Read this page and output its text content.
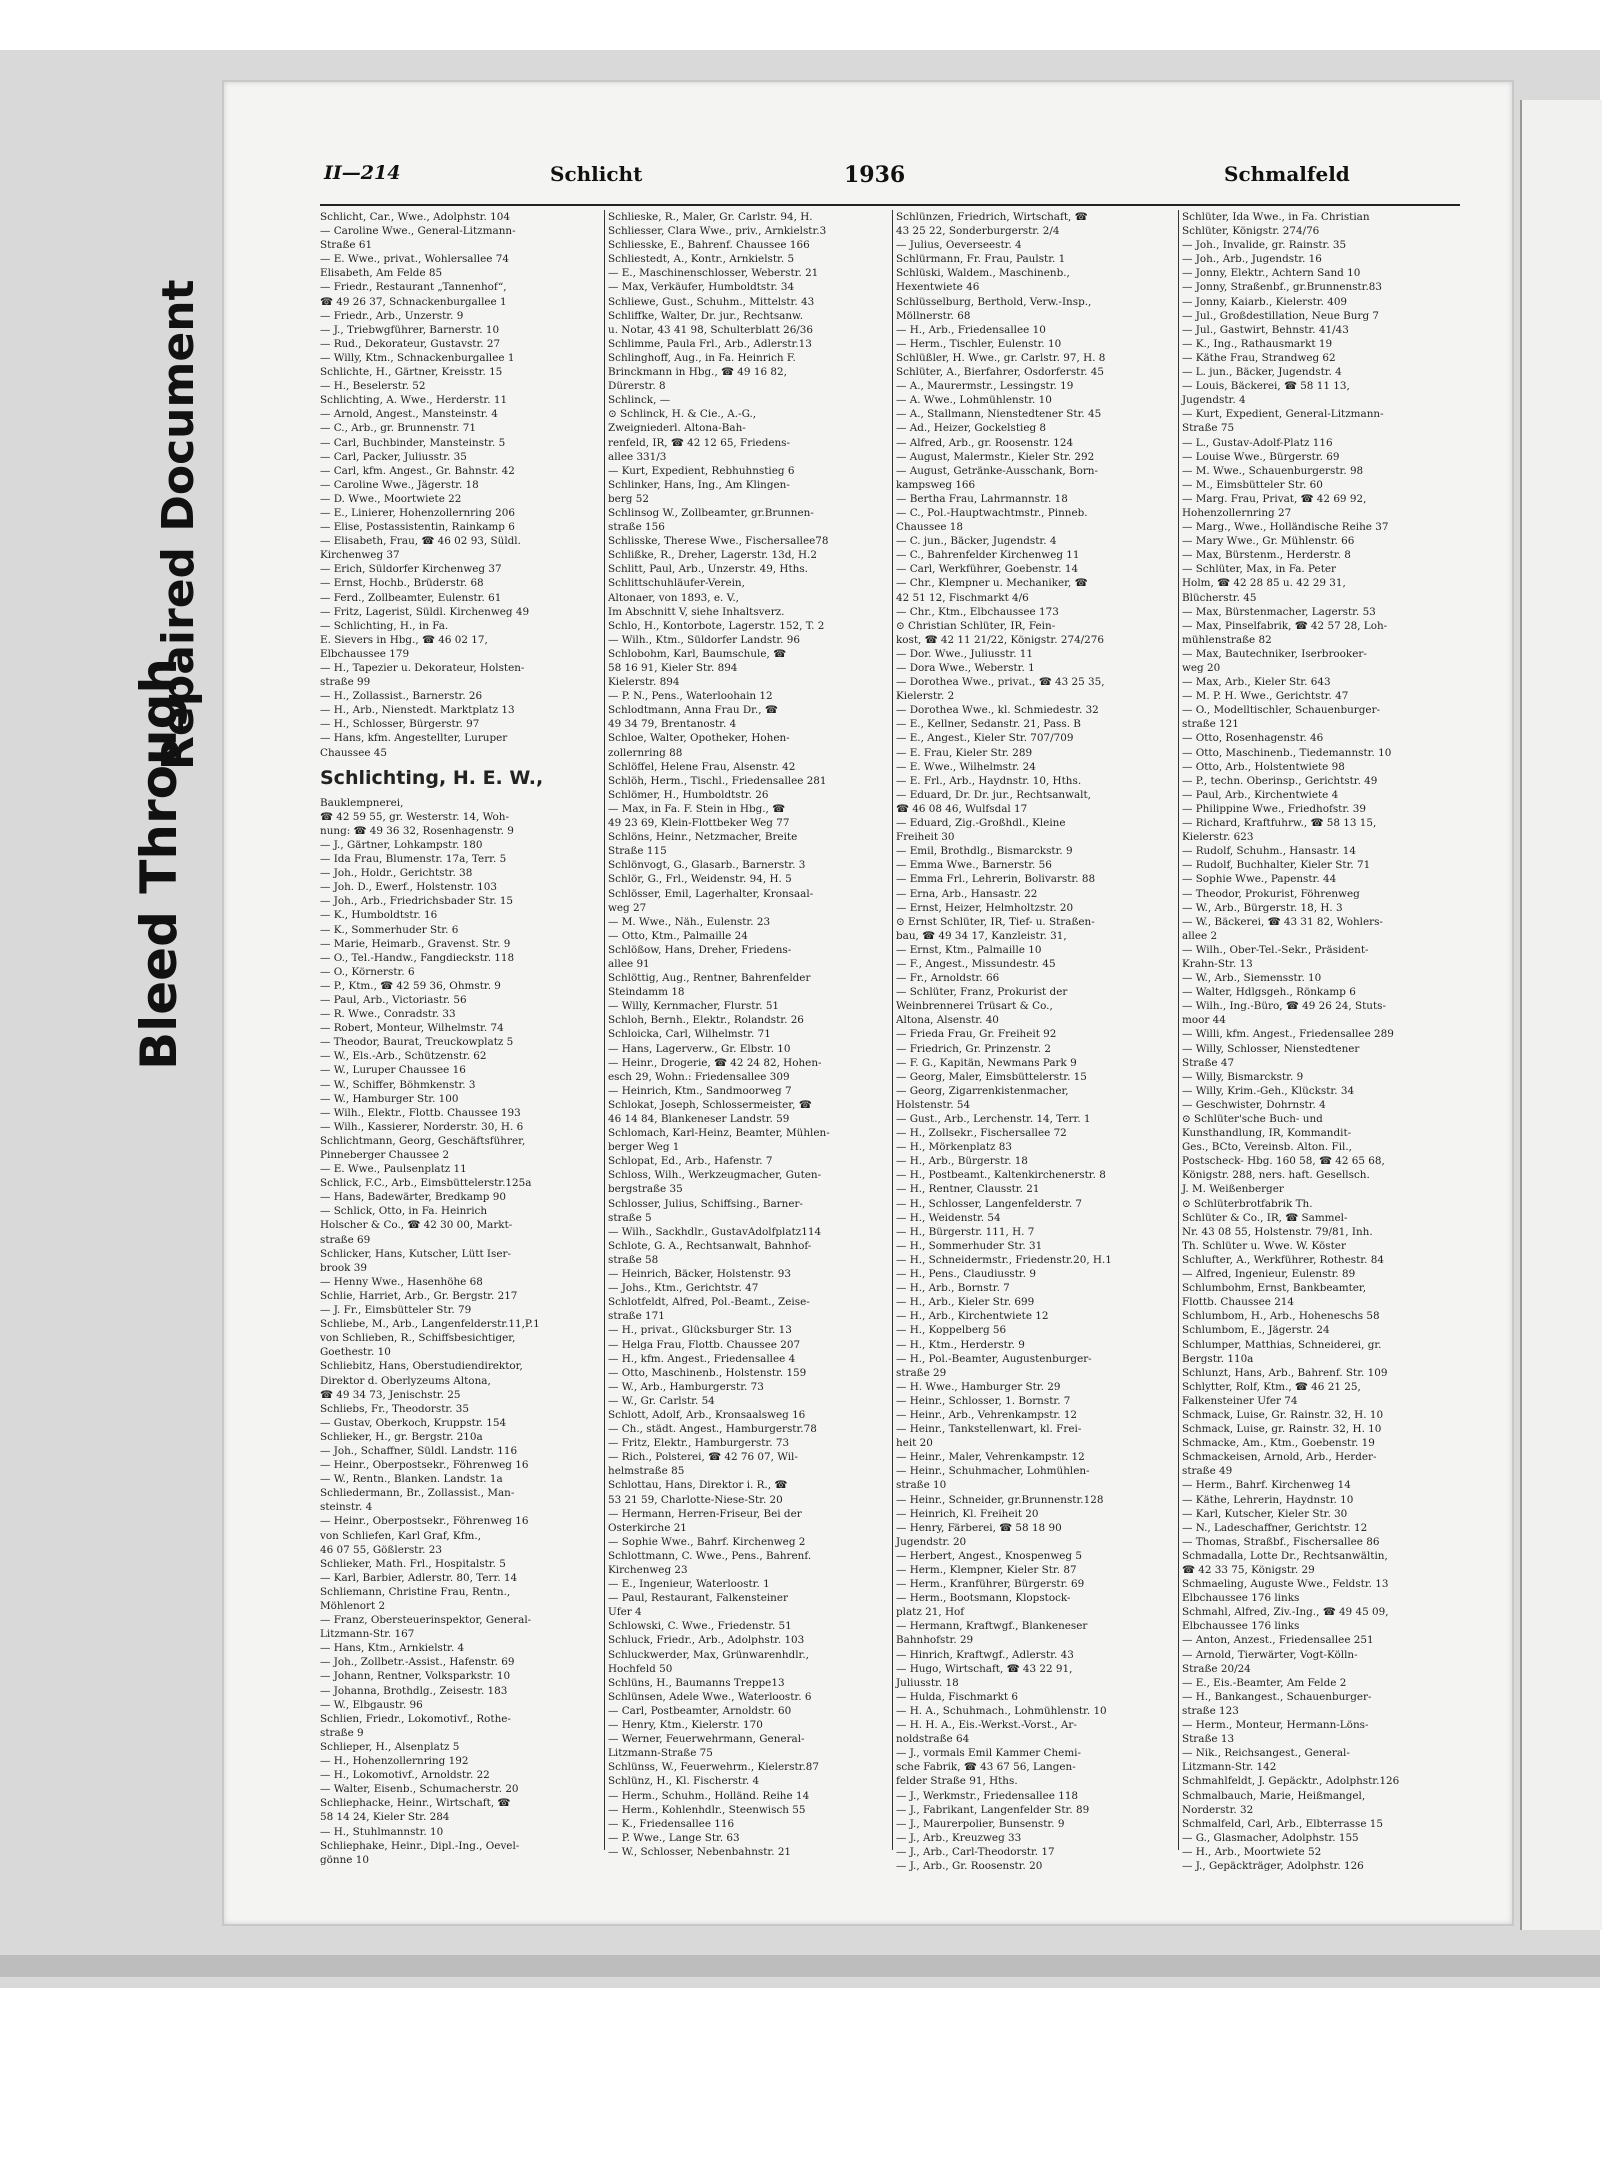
Bleed Through
Repaired Document
II—214	Schlicht	1936	Schmalfeld
Schlicht, Car., Wwe., Adolphstr. 104
— Caroline Wwe., General-Litzmann-
Straße 61
— E. Wwe., privat., Wohlersallee 74
Elisabeth, Am Felde 85
— Friedr., Restaurant „Tannenhof“,
☎ 49 26 37, Schnackenburgallee 1
— Friedr., Arb., Unzerstr. 9
— J., Triebwgführer, Barnerstr. 10
— Rud., Dekorateur, Gustavstr. 27
— Willy, Ktm., Schnackenburgallee 1
Schlichte, H., Gärtner, Kreisstr. 15
— H., Beselerstr. 52
Schlichting, A. Wwe., Herderstr. 11
— Arnold, Angest., Mansteinstr. 4
— C., Arb., gr. Brunnenstr. 71
— Carl, Buchbinder, Mansteinstr. 5
— Carl, Packer, Juliusstr. 35
— Carl, kfm. Angest., Gr. Bahnstr. 42
— Caroline Wwe., Jägerstr. 18
— D. Wwe., Moortwiete 22
— E., Linierer, Hohenzollernring 206
— Elise, Postassistentin, Rainkamp 6
— Elisabeth, Frau, ☎ 46 02 93, Süldl.
Kirchenweg 37
— Erich, Süldorfer Kirchenweg 37
— Ernst, Hochb., Brüderstr. 68
— Ferd., Zollbeamter, Eulenstr. 61
— Fritz, Lagerist, Süldl. Kirchenweg 49
— Schlichting, H., in Fa.
E. Sievers in Hbg., ☎ 46 02 17,
Elbchaussee 179
— H., Tapezier u. Dekorateur, Holsten-
straße 99
— H., Zollassist., Barnerstr. 26
— H., Arb., Nienstedt. Marktplatz 13
— H., Schlosser, Bürgerstr. 97
— Hans, kfm. Angestellter, Luruper
Chaussee 45
Schlichting, H. E. W.,
Bauklempnerei,
☎ 42 59 55, gr. Westerstr. 14, Woh-
nung: ☎ 49 36 32, Rosenhagenstr. 9
— J., Gärtner, Lohkampstr. 180
— Ida Frau, Blumenstr. 17a, Terr. 5
— Joh., Holdr., Gerichtstr. 38
— Joh. D., Ewerf., Holstenstr. 103
— Joh., Arb., Friedrichsbader Str. 15
— K., Humboldtstr. 16
— K., Sommerhuder Str. 6
— Marie, Heimarb., Gravenst. Str. 9
— O., Tel.-Handw., Fangdieckstr. 118
— O., Körnerstr. 6
— P., Ktm., ☎ 42 59 36, Ohmstr. 9
— Paul, Arb., Victoriastr. 56
— R. Wwe., Conradstr. 33
— Robert, Monteur, Wilhelmstr. 74
— Theodor, Baurat, Treuckowplatz 5
— W., Els.-Arb., Schützenstr. 62
— W., Luruper Chaussee 16
— W., Schiffer, Böhmkenstr. 3
— W., Hamburger Str. 100
— Wilh., Elektr., Flottb. Chaussee 193
— Wilh., Kassierer, Norderstr. 30, H. 6
Schlichtmann, Georg, Geschäftsführer,
Pinneberger Chaussee 2
— E. Wwe., Paulsenplatz 11
Schlick, F.C., Arb., Eimsbüttelerstr.125a
— Hans, Badewärter, Bredkamp 90
— Schlick, Otto, in Fa. Heinrich
Holscher & Co., ☎ 42 30 00, Markt-
straße 69
Schlicker, Hans, Kutscher, Lütt Iser-
brook 39
— Henny Wwe., Hasenhöhe 68
Schlie, Harriet, Arb., Gr. Bergstr. 217
— J. Fr., Eimsbütteler Str. 79
Schliebe, M., Arb., Langenfelderstr.11,P.1
von Schlieben, R., Schiffsbesichtiger,
Goethestr. 10
Schliebitz, Hans, Oberstudiendirektor,
Direktor d. Oberlyzeums Altona,
☎ 49 34 73, Jenischstr. 25
Schliebs, Fr., Theodorstr. 35
— Gustav, Oberkoch, Kruppstr. 154
Schlieker, H., gr. Bergstr. 210a
— Joh., Schaffner, Süldl. Landstr. 116
— Heinr., Oberpostsekr., Föhrenweg 16
— W., Rentn., Blanken. Landstr. 1a
Schliedermann, Br., Zollassist., Man-
steinstr. 4
— Heinr., Oberpostsekr., Föhrenweg 16
von Schliefen, Karl Graf, Kfm.,
46 07 55, Gößlerstr. 23
Schlieker, Math. Frl., Hospitalstr. 5
— Karl, Barbier, Adlerstr. 80, Terr. 14
Schliemann, Christine Frau, Rentn.,
Möhlenort 2
— Franz, Obersteuerinspektor, General-
Litzmann-Str. 167
— Hans, Ktm., Arnkielstr. 4
— Joh., Zollbetr.-Assist., Hafenstr. 69
— Johann, Rentner, Volksparkstr. 10
— Johanna, Brothdlg., Zeisestr. 183
— W., Elbgaustr. 96
Schlien, Friedr., Lokomotivf., Rothe-
straße 9
Schlieper, H., Alsenplatz 5
— H., Hohenzollernring 192
— H., Lokomotivf., Arnoldstr. 22
— Walter, Eisenb., Schumacherstr. 20
Schliephacke, Heinr., Wirtschaft, ☎
58 14 24, Kieler Str. 284
— H., Stuhlmannstr. 10
Schliephake, Heinr., Dipl.-Ing., Oevel-
gönne 10
Schlieske, R., Maler, Gr. Carlstr. 94, H.
Schliesser, Clara Wwe., priv., Arnkielstr.3
Schliesske, E., Bahrenf. Chaussee 166
Schliestedt, A., Kontr., Arnkielstr. 5
— E., Maschinenschlosser, Weberstr. 21
— Max, Verkäufer, Humboldtstr. 34
Schliewe, Gust., Schuhm., Mittelstr. 43
Schliffke, Walter, Dr. jur., Rechtsanw.
u. Notar, 43 41 98, Schulterblatt 26/36
Schlimme, Paula Frl., Arb., Adlerstr.13
Schlinghoff, Aug., in Fa. Heinrich F.
Brinckmann in Hbg., ☎ 49 16 82,
Dürerstr. 8
Schlinck, —
⊙ Schlinck, H. & Cie., A.-G.,
Zweigniederl. Altona-Bah-
renfeld, IR, ☎ 42 12 65, Friedens-
allee 331/3
— Kurt, Expedient, Rebhuhnstieg 6
Schlinker, Hans, Ing., Am Klingen-
berg 52
Schlinsog W., Zollbeamter, gr.Brunnen-
straße 156
Schlisske, Therese Wwe., Fischersallee78
Schlißke, R., Dreher, Lagerstr. 13d, H.2
Schlitt, Paul, Arb., Unzerstr. 49, Hths.
Schlittschuhläufer-Verein,
Altonaer, von 1893, e. V.,
Im Abschnitt V, siehe Inhaltsverz.
Schlo, H., Kontorbote, Lagerstr. 152, T. 2
— Wilh., Ktm., Süldorfer Landstr. 96
Schlobohm, Karl, Baumschule, ☎
58 16 91, Kieler Str. 894
Kielerstr. 894
— P. N., Pens., Waterloohain 12
Schlodtmann, Anna Frau Dr., ☎
49 34 79, Brentanostr. 4
Schloe, Walter, Opotheker, Hohen-
zollernring 88
Schlöffel, Helene Frau, Alsenstr. 42
Schlöh, Herm., Tischl., Friedensallee 281
Schlömer, H., Humboldtstr. 26
— Max, in Fa. F. Stein in Hbg., ☎
49 23 69, Klein-Flottbeker Weg 77
Schlöns, Heinr., Netzmacher, Breite
Straße 115
Schlönvogt, G., Glasarb., Barnerstr. 3
Schlör, G., Frl., Weidenstr. 94, H. 5
Schlösser, Emil, Lagerhalter, Kronsaal-
weg 27
— M. Wwe., Näh., Eulenstr. 23
— Otto, Ktm., Palmaille 24
Schlößow, Hans, Dreher, Friedens-
allee 91
Schlöttig, Aug., Rentner, Bahrenfelder
Steindamm 18
— Willy, Kernmacher, Flurstr. 51
Schloh, Bernh., Elektr., Rolandstr. 26
Schloicka, Carl, Wilhelmstr. 71
— Hans, Lagerverw., Gr. Elbstr. 10
— Heinr., Drogerie, ☎ 42 24 82, Hohen-
esch 29, Wohn.: Friedensallee 309
— Heinrich, Ktm., Sandmoorweg 7
Schlokat, Joseph, Schlossermeister, ☎
46 14 84, Blankeneser Landstr. 59
Schlomach, Karl-Heinz, Beamter, Mühlen-
berger Weg 1
Schlopat, Ed., Arb., Hafenstr. 7
Schloss, Wilh., Werkzeugmacher, Guten-
bergstraße 35
Schlosser, Julius, Schiffsing., Barner-
straße 5
— Wilh., Sackhdlr., GustavAdolfplatz114
Schlote, G. A., Rechtsanwalt, Bahnhof-
straße 58
— Heinrich, Bäcker, Holstenstr. 93
— Johs., Ktm., Gerichtstr. 47
Schlotfeldt, Alfred, Pol.-Beamt., Zeise-
straße 171
— H., privat., Glücksburger Str. 13
— Helga Frau, Flottb. Chaussee 207
— H., kfm. Angest., Friedensallee 4
— Otto, Maschinenb., Holstenstr. 159
— W., Arb., Hamburgerstr. 73
— W., Gr. Carlstr. 54
Schlott, Adolf, Arb., Kronsaalsweg 16
— Ch., städt. Angest., Hamburgerstr.78
— Fritz, Elektr., Hamburgerstr. 73
— Rich., Polsterei, ☎ 42 76 07, Wil-
helmstraße 85
Schlottau, Hans, Direktor i. R., ☎
53 21 59, Charlotte-Niese-Str. 20
— Hermann, Herren-Friseur, Bei der
Osterkirche 21
— Sophie Wwe., Bahrf. Kirchenweg 2
Schlottmann, C. Wwe., Pens., Bahrenf.
Kirchenweg 23
— E., Ingenieur, Waterloostr. 1
— Paul, Restaurant, Falkensteiner
Ufer 4
Schlowski, C. Wwe., Friedenstr. 51
Schluck, Friedr., Arb., Adolphstr. 103
Schluckwerder, Max, Grünwarenhdlr.,
Hochfeld 50
Schlüns, H., Baumanns Treppe13
Schlünsen, Adele Wwe., Waterloostr. 6
— Carl, Postbeamter, Arnoldstr. 60
— Henry, Ktm., Kielerstr. 170
— Werner, Feuerwehrmann, General-
Litzmann-Straße 75
Schlünss, W., Feuerwehrm., Kielerstr.87
Schlünz, H., Kl. Fischerstr. 4
— Herm., Schuhm., Holländ. Reihe 14
— Herm., Kohlenhdlr., Steenwisch 55
— K., Friedensallee 116
— P. Wwe., Lange Str. 63
— W., Schlosser, Nebenbahnstr. 21
Schlünzen, Friedrich, Wirtschaft, ☎
43 25 22, Sonderburgerstr. 2/4
— Julius, Oeverseestr. 4
Schlürmann, Fr. Frau, Paulstr. 1
Schlüski, Waldem., Maschinenb.,
Hexentwiete 46
Schlüsselburg, Berthold, Verw.-Insp.,
Möllnerstr. 68
— H., Arb., Friedensallee 10
— Herm., Tischler, Eulenstr. 10
Schlüßler, H. Wwe., gr. Carlstr. 97, H. 8
Schlüter, A., Bierfahrer, Osdorferstr. 45
— A., Maurermstr., Lessingstr. 19
— A. Wwe., Lohmühlenstr. 10
— A., Stallmann, Nienstedtener Str. 45
— Ad., Heizer, Gockelstieg 8
— Alfred, Arb., gr. Roosenstr. 124
— August, Malermstr., Kieler Str. 292
— August, Getränke-Ausschank, Born-
kampsweg 166
— Bertha Frau, Lahrmannstr. 18
— C., Pol.-Hauptwachtmstr., Pinneb.
Chaussee 18
— C. jun., Bäcker, Jugendstr. 4
— C., Bahrenfelder Kirchenweg 11
— Carl, Werkführer, Goebenstr. 14
— Chr., Klempner u. Mechaniker, ☎
42 51 12, Fischmarkt 4/6
— Chr., Ktm., Elbchaussee 173
⊙ Christian Schlüter, IR, Fein-
kost, ☎ 42 11 21/22, Königstr. 274/276
— Dor. Wwe., Juliusstr. 11
— Dora Wwe., Weberstr. 1
— Dorothea Wwe., privat., ☎ 43 25 35,
Kielerstr. 2
— Dorothea Wwe., kl. Schmiedestr. 32
— E., Kellner, Sedanstr. 21, Pass. B
— E., Angest., Kieler Str. 707/709
— E. Frau, Kieler Str. 289
— E. Wwe., Wilhelmstr. 24
— E. Frl., Arb., Haydnstr. 10, Hths.
— Eduard, Dr. Dr. jur., Rechtsanwalt,
☎ 46 08 46, Wulfsdal 17
— Eduard, Zig.-Großhdl., Kleine
Freiheit 30
— Emil, Brothdlg., Bismarckstr. 9
— Emma Wwe., Barnerstr. 56
— Emma Frl., Lehrerin, Bolivarstr. 88
— Erna, Arb., Hansastr. 22
— Ernst, Heizer, Helmholtzstr. 20
⊙ Ernst Schlüter, IR, Tief- u. Straßen-
bau, ☎ 49 34 17, Kanzleistr. 31,
— Ernst, Ktm., Palmaille 10
— F., Angest., Missundestr. 45
— Fr., Arnoldstr. 66
— Schlüter, Franz, Prokurist der
Weinbrennerei Trüsart & Co.,
Altona, Alsenstr. 40
— Frieda Frau, Gr. Freiheit 92
— Friedrich, Gr. Prinzenstr. 2
— F. G., Kapitän, Newmans Park 9
— Georg, Maler, Eimsbüttelerstr. 15
— Georg, Zigarrenkistenmacher,
Holstenstr. 54
— Gust., Arb., Lerchenstr. 14, Terr. 1
— H., Zollsekr., Fischersallee 72
— H., Mörkenplatz 83
— H., Arb., Bürgerstr. 18
— H., Postbeamt., Kaltenkirchenerstr. 8
— H., Rentner, Clausstr. 21
— H., Schlosser, Langenfelderstr. 7
— H., Weidenstr. 54
— H., Bürgerstr. 111, H. 7
— H., Sommerhuder Str. 31
— H., Schneidermstr., Friedenstr.20, H.1
— H., Pens., Claudiusstr. 9
— H., Arb., Bornstr. 7
— H., Arb., Kieler Str. 699
— H., Arb., Kirchentwiete 12
— H., Koppelberg 56
— H., Ktm., Herderstr. 9
— H., Pol.-Beamter, Augustenburger-
straße 29
— H. Wwe., Hamburger Str. 29
— Heinr., Schlosser, 1. Bornstr. 7
— Heinr., Arb., Vehrenkampstr. 12
— Heinr., Tankstellenwart, kl. Frei-
heit 20
— Heinr., Maler, Vehrenkampstr. 12
— Heinr., Schuhmacher, Lohmühlen-
straße 10
— Heinr., Schneider, gr.Brunnenstr.128
— Heinrich, Kl. Freiheit 20
— Henry, Färberei, ☎ 58 18 90
Jugendstr. 20
— Herbert, Angest., Knospenweg 5
— Herm., Klempner, Kieler Str. 87
— Herm., Kranführer, Bürgerstr. 69
— Herm., Bootsmann, Klopstock-
platz 21, Hof
— Hermann, Kraftwgf., Blankeneser
Bahnhofstr. 29
— Hinrich, Kraftwgf., Adlerstr. 43
— Hugo, Wirtschaft, ☎ 43 22 91,
Juliusstr. 18
— Hulda, Fischmarkt 6
— H. A., Schuhmach., Lohmühlenstr. 10
— H. H. A., Eis.-Werkst.-Vorst., Ar-
noldstraße 64
— J., vormals Emil Kammer Chemi-
sche Fabrik, ☎ 43 67 56, Langen-
felder Straße 91, Hths.
— J., Werkmstr., Friedensallee 118
— J., Fabrikant, Langenfelder Str. 89
— J., Maurerpolier, Bunsenstr. 9
— J., Arb., Kreuzweg 33
— J., Arb., Carl-Theodorstr. 17
— J., Arb., Gr. Roosenstr. 20
Schlüter, Ida Wwe., in Fa. Christian
Schlüter, Königstr. 274/76
— Joh., Invalide, gr. Rainstr. 35
— Joh., Arb., Jugendstr. 16
— Jonny, Elektr., Achtern Sand 10
— Jonny, Straßenbf., gr.Brunnenstr.83
— Jonny, Kaiarb., Kielerstr. 409
— Jul., Großdestillation, Neue Burg 7
— Jul., Gastwirt, Behnstr. 41/43
— K., Ing., Rathausmarkt 19
— Käthe Frau, Strandweg 62
— L. jun., Bäcker, Jugendstr. 4
— Louis, Bäckerei, ☎ 58 11 13,
Jugendstr. 4
— Kurt, Expedient, General-Litzmann-
Straße 75
— L., Gustav-Adolf-Platz 116
— Louise Wwe., Bürgerstr. 69
— M. Wwe., Schauenburgerstr. 98
— M., Eimsbütteler Str. 60
— Marg. Frau, Privat, ☎ 42 69 92,
Hohenzollernring 27
— Marg., Wwe., Holländische Reihe 37
— Mary Wwe., Gr. Mühlenstr. 66
— Max, Bürstenm., Herderstr. 8
— Schlüter, Max, in Fa. Peter
Holm, ☎ 42 28 85 u. 42 29 31,
Blücherstr. 45
— Max, Bürstenmacher, Lagerstr. 53
— Max, Pinselfabrik, ☎ 42 57 28, Loh-
mühlenstraße 82
— Max, Bautechniker, Iserbrooker-
weg 20
— Max, Arb., Kieler Str. 643
— M. P. H. Wwe., Gerichtstr. 47
— O., Modelltischler, Schauenburger-
straße 121
— Otto, Rosenhagenstr. 46
— Otto, Maschinenb., Tiedemannstr. 10
— Otto, Arb., Holstentwiete 98
— P., techn. Oberinsp., Gerichtstr. 49
— Paul, Arb., Kirchentwiete 4
— Philippine Wwe., Friedhofstr. 39
— Richard, Kraftfuhrw., ☎ 58 13 15,
Kielerstr. 623
— Rudolf, Schuhm., Hansastr. 14
— Rudolf, Buchhalter, Kieler Str. 71
— Sophie Wwe., Papenstr. 44
— Theodor, Prokurist, Föhrenweg
— W., Arb., Bürgerstr. 18, H. 3
— W., Bäckerei, ☎ 43 31 82, Wohlers-
allee 2
— Wilh., Ober-Tel.-Sekr., Präsident-
Krahn-Str. 13
— W., Arb., Siemensstr. 10
— Walter, Hdlgsgeh., Rönkamp 6
— Wilh., Ing.-Büro, ☎ 49 26 24, Stuts-
moor 44
— Willi, kfm. Angest., Friedensallee 289
— Willy, Schlosser, Nienstedtener
Straße 47
— Willy, Bismarckstr. 9
— Willy, Krim.-Geh., Klückstr. 34
— Geschwister, Dohrnstr. 4
⊙ Schlüter'sche Buch- und
Kunsthandlung, IR, Kommandit-
Ges., BCto, Vereinsb. Alton. Fil.,
Postscheck- Hbg. 160 58, ☎ 42 65 68,
Königstr. 288, ners. haft. Gesellsch.
J. M. Weißenberger
⊙ Schlüterbrotfabrik Th.
Schlüter & Co., IR, ☎ Sammel-
Nr. 43 08 55, Holstenstr. 79/81, Inh.
Th. Schlüter u. Wwe. W. Köster
Schlufter, A., Werkführer, Rothestr. 84
— Alfred, Ingenieur, Eulenstr. 89
Schlumbohm, Ernst, Bankbeamter,
Flottb. Chaussee 214
Schlumbom, H., Arb., Hoheneschs 58
Schlumbom, E., Jägerstr. 24
Schlumper, Matthias, Schneiderei, gr.
Bergstr. 110a
Schlunzt, Hans, Arb., Bahrenf. Str. 109
Schlytter, Rolf, Ktm., ☎ 46 21 25,
Falkensteiner Ufer 74
Schmack, Luise, Gr. Rainstr. 32, H. 10
Schmack, Luise, gr. Rainstr. 32, H. 10
Schmacke, Am., Ktm., Goebenstr. 19
Schmackeisen, Arnold, Arb., Herder-
straße 49
— Herm., Bahrf. Kirchenweg 14
— Käthe, Lehrerin, Haydnstr. 10
— Karl, Kutscher, Kieler Str. 30
— N., Ladeschaffner, Gerichtstr. 12
— Thomas, Straßbf., Fischersallee 86
Schmadalla, Lotte Dr., Rechtsanwältin,
☎ 42 33 75, Königstr. 29
Schmaeling, Auguste Wwe., Feldstr. 13
Elbchaussee 176 links
Schmahl, Alfred, Ziv.-Ing., ☎ 49 45 09,
Elbchaussee 176 links
— Anton, Anzest., Friedensallee 251
— Arnold, Tierwärter, Vogt-Kölln-
Straße 20/24
— E., Eis.-Beamter, Am Felde 2
— H., Bankangest., Schauenburger-
straße 123
— Herm., Monteur, Hermann-Löns-
Straße 13
— Nik., Reichsangest., General-
Litzmann-Str. 142
Schmahlfeldt, J. Gepäcktr., Adolphstr.126
Schmalbauch, Marie, Heißmangel,
Norderstr. 32
Schmalfeld, Carl, Arb., Elbterrasse 15
— G., Glasmacher, Adolphstr. 155
— H., Arb., Moortwiete 52
— J., Gepäckträger, Adolphstr. 126
